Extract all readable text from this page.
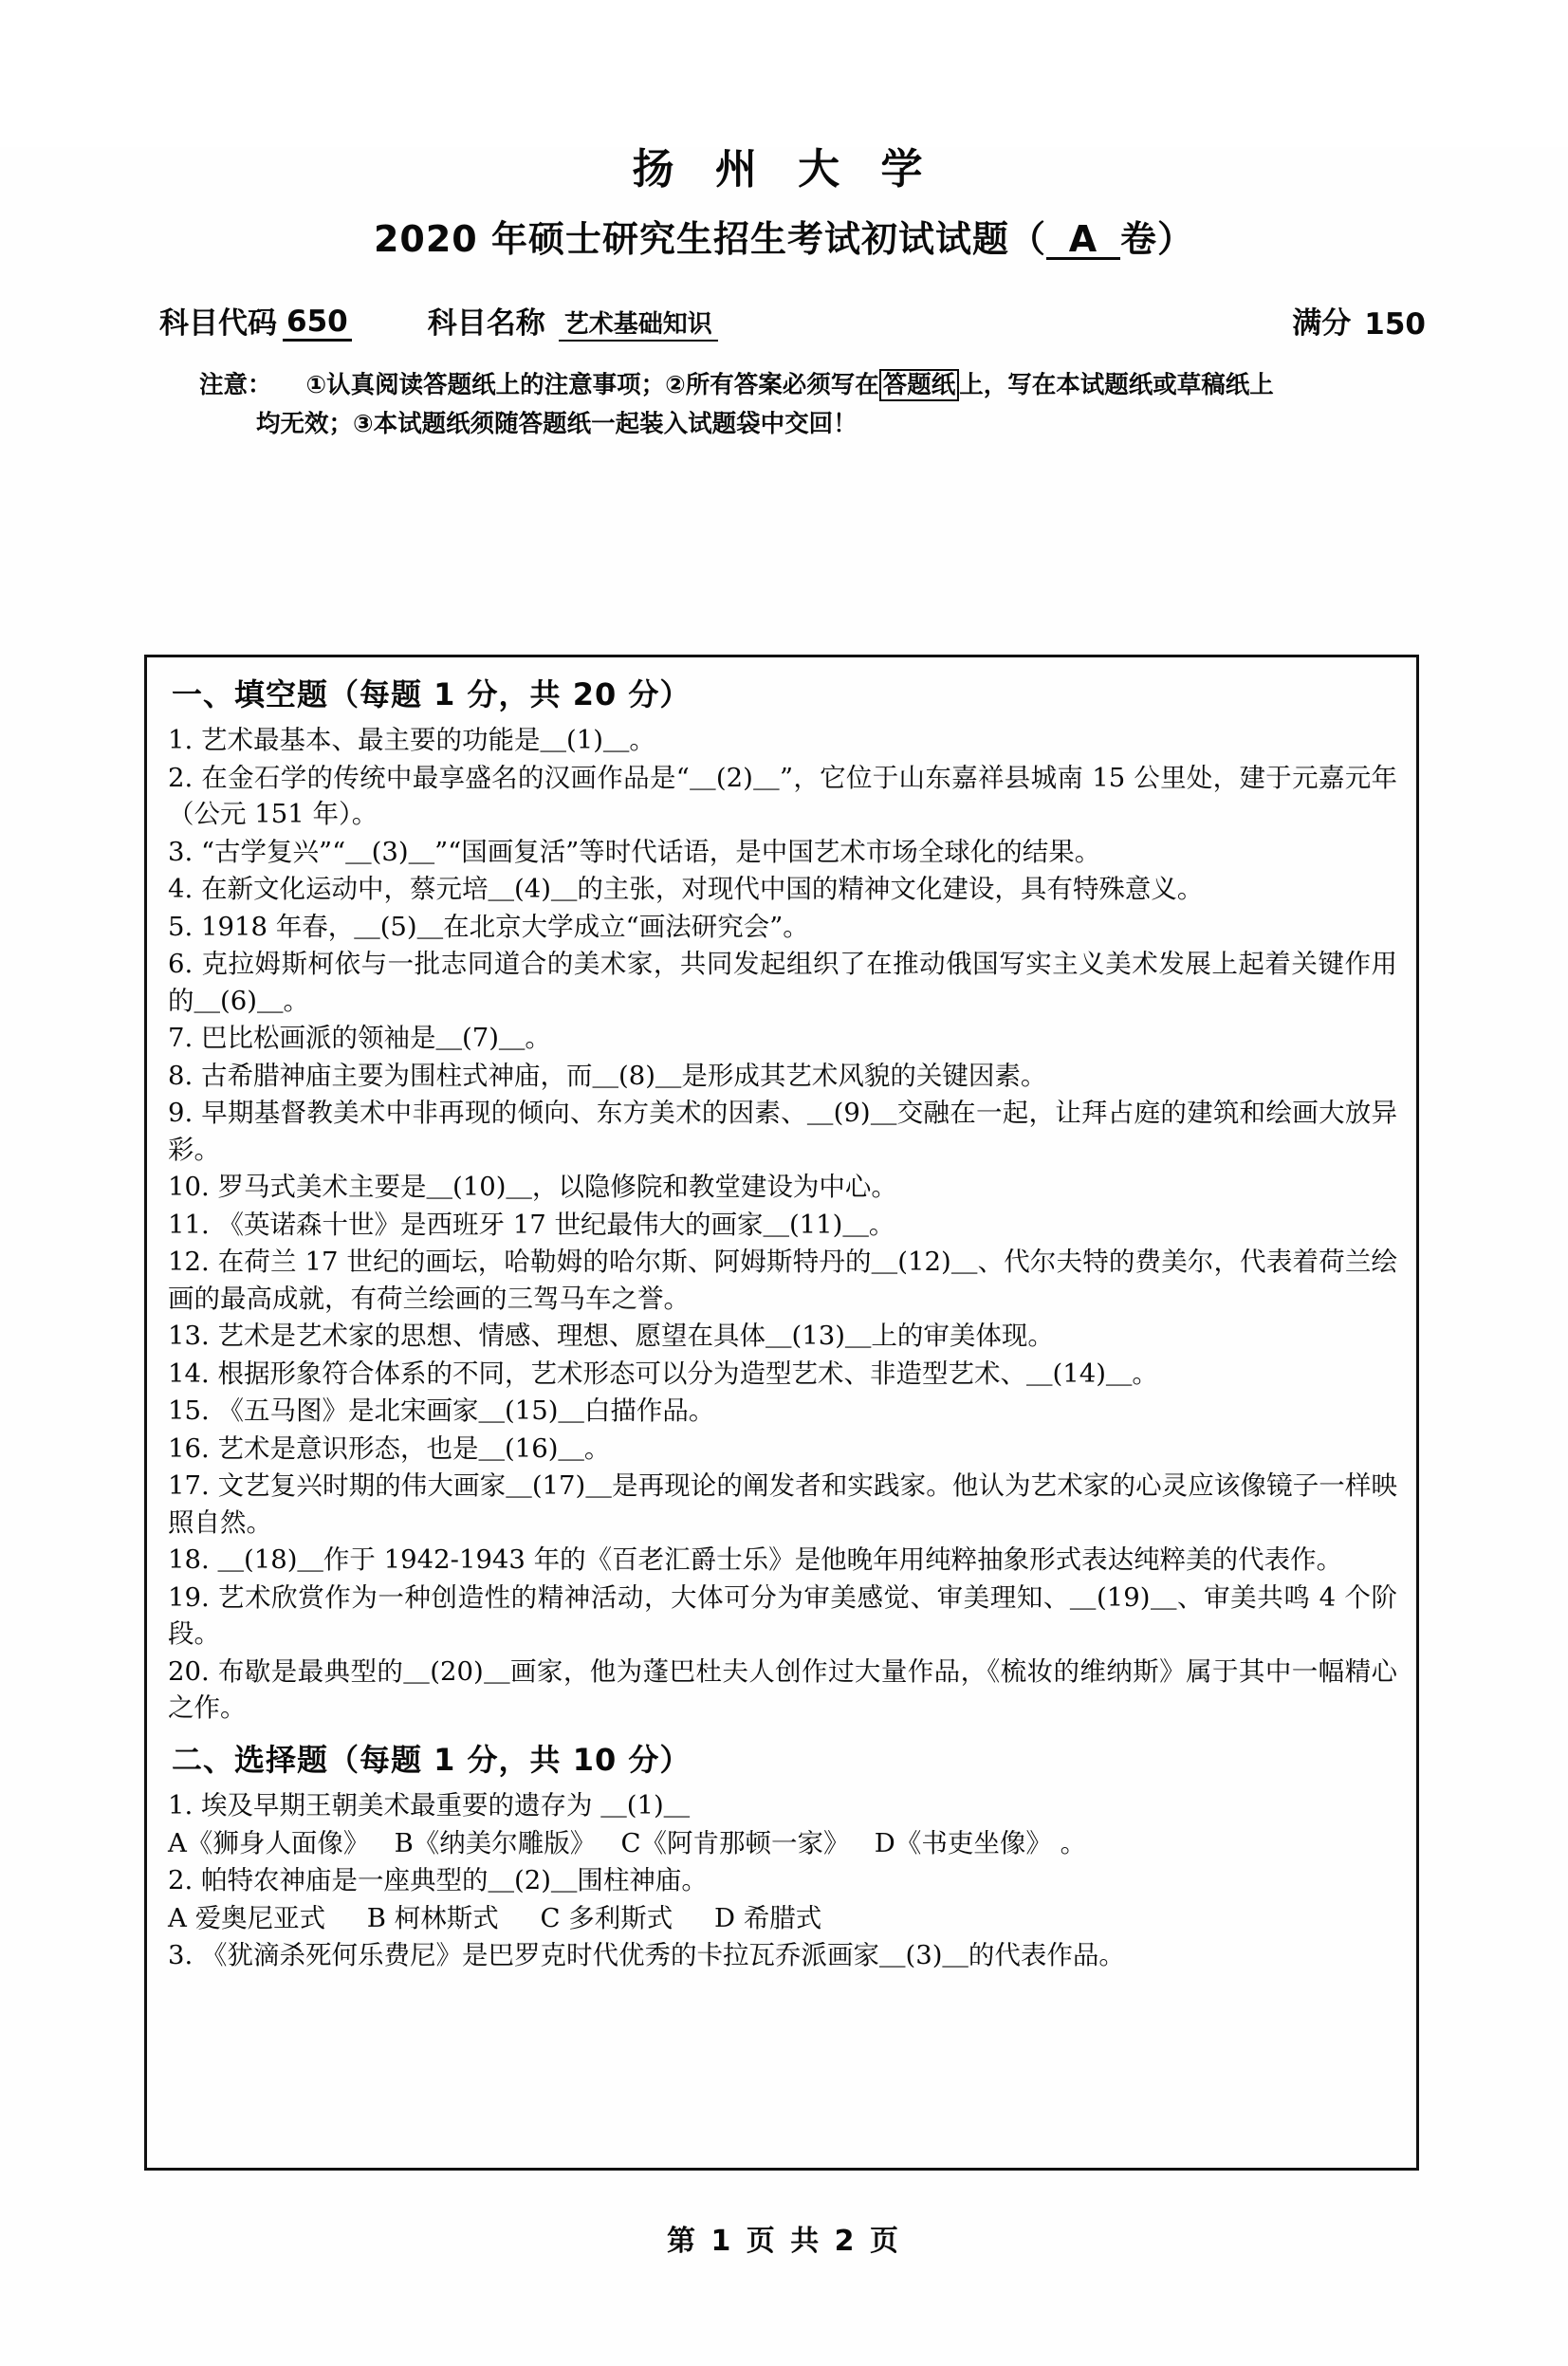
扬 州 大 学
2020 年硕士研究生招生考试初试试题（ A 卷）
科目代码 650	科目名称 艺术基础知识	满分 150
注意： ①认真阅读答题纸上的注意事项；②所有答案必须写在 答题纸 上，写在本试题纸或草稿纸上
均无效；③本试题纸须随答题纸一起装入试题袋中交回！
一、填空题（每题 1 分，共 20 分）
1. 艺术最基本、最主要的功能是＿(1)＿。
2. 在金石学的传统中最享盛名的汉画作品是“＿(2)＿”，它位于山东嘉祥县城南 15 公里处，建于元嘉元年（公元 151 年）。
3. “古学复兴”“＿(3)＿”“国画复活”等时代话语，是中国艺术市场全球化的结果。
4. 在新文化运动中，蔡元培＿(4)＿的主张，对现代中国的精神文化建设，具有特殊意义。
5. 1918 年春，＿(5)＿在北京大学成立“画法研究会”。
6. 克拉姆斯柯依与一批志同道合的美术家，共同发起组织了在推动俄国写实主义美术发展上起着关键作用的＿(6)＿。
7. 巴比松画派的领袖是＿(7)＿。
8. 古希腊神庙主要为围柱式神庙，而＿(8)＿是形成其艺术风貌的关键因素。
9. 早期基督教美术中非再现的倾向、东方美术的因素、＿(9)＿交融在一起，让拜占庭的建筑和绘画大放异彩。
10. 罗马式美术主要是＿(10)＿，以隐修院和教堂建设为中心。
11. 《英诺森十世》是西班牙 17 世纪最伟大的画家＿(11)＿。
12. 在荷兰 17 世纪的画坛，哈勒姆的哈尔斯、阿姆斯特丹的＿(12)＿、代尔夫特的费美尔，代表着荷兰绘画的最高成就，有荷兰绘画的三驾马车之誉。
13. 艺术是艺术家的思想、情感、理想、愿望在具体＿(13)＿上的审美体现。
14. 根据形象符合体系的不同，艺术形态可以分为造型艺术、非造型艺术、＿(14)＿。
15. 《五马图》是北宋画家＿(15)＿白描作品。
16. 艺术是意识形态，也是＿(16)＿。
17. 文艺复兴时期的伟大画家＿(17)＿是再现论的阐发者和实践家。他认为艺术家的心灵应该像镜子一样映照自然。
18. ＿(18)＿作于 1942-1943 年的《百老汇爵士乐》是他晚年用纯粹抽象形式表达纯粹美的代表作。
19. 艺术欣赏作为一种创造性的精神活动，大体可分为审美感觉、审美理知、＿(19)＿、审美共鸣 4 个阶段。
20. 布歇是最典型的＿(20)＿画家，他为蓬巴杜夫人创作过大量作品，《梳妆的维纳斯》属于其中一幅精心之作。
二、选择题（每题 1 分，共 10 分）
1. 埃及早期王朝美术最重要的遗存为 ＿(1)＿
A《狮身人面像》   B《纳美尔雕版》   C《阿肯那顿一家》   D《书吏坐像》 。
2. 帕特农神庙是一座典型的＿(2)＿围柱神庙。
A 爱奥尼亚式     B 柯林斯式     C 多利斯式     D 希腊式
3. 《犹滴杀死何乐费尼》是巴罗克时代优秀的卡拉瓦乔派画家＿(3)＿的代表作品。
第 1 页 共 2 页
